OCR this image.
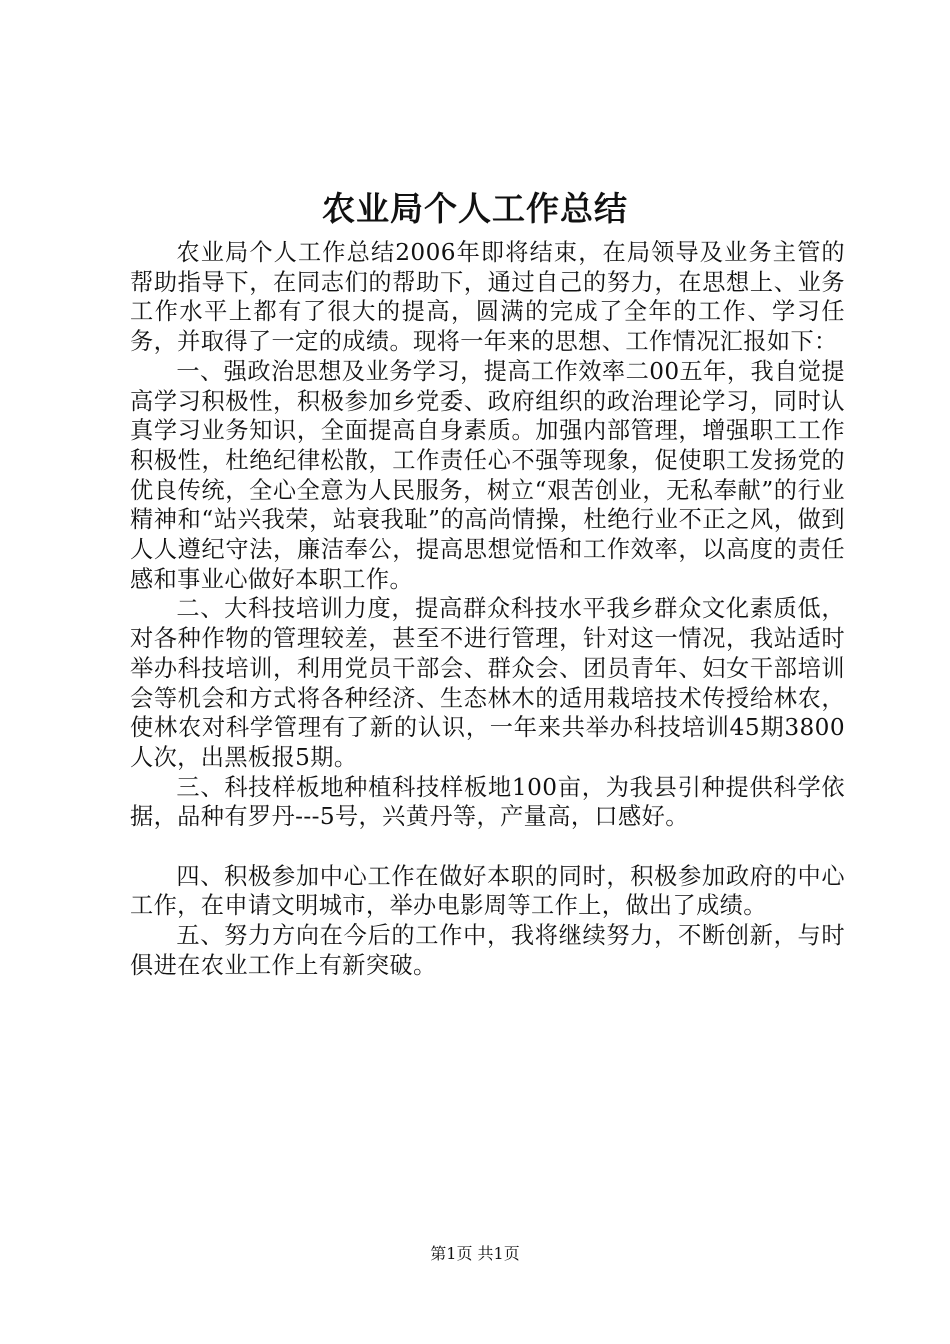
农业局个人工作总结

农业局个人工作总结2006年即将结束，在局领导及业务主管的帮助指导下，在同志们的帮助下，通过自己的努力，在思想上、业务工作水平上都有了很大的提高，圆满的完成了全年的工作、学习任务，并取得了一定的成绩。现将一年来的思想、工作情况汇报如下：

一、强政治思想及业务学习，提高工作效率二00五年，我自觉提高学习积极性，积极参加乡党委、政府组织的政治理论学习，同时认真学习业务知识，全面提高自身素质。加强内部管理，增强职工工作积极性，杜绝纪律松散，工作责任心不强等现象，促使职工发扬党的优良传统，全心全意为人民服务，树立“艰苦创业，无私奉献”的行业精神和“站兴我荣，站衰我耻”的高尚情操，杜绝行业不正之风，做到人人遵纪守法，廉洁奉公，提高思想觉悟和工作效率，以高度的责任感和事业心做好本职工作。

二、大科技培训力度，提高群众科技水平我乡群众文化素质低，对各种作物的管理较差，甚至不进行管理，针对这一情况，我站适时举办科技培训，利用党员干部会、群众会、团员青年、妇女干部培训会等机会和方式将各种经济、生态林木的适用栽培技术传授给林农，使林农对科学管理有了新的认识，一年来共举办科技培训45期3800人次，出黑板报5期。

三、科技样板地种植科技样板地100亩，为我县引种提供科学依据，品种有罗丹---5号，兴黄丹等，产量高，口感好。

四、积极参加中心工作在做好本职的同时，积极参加政府的中心工作，在申请文明城市，举办电影周等工作上，做出了成绩。

五、努力方向在今后的工作中，我将继续努力，不断创新，与时俱进在农业工作上有新突破。

第1页 共1页
